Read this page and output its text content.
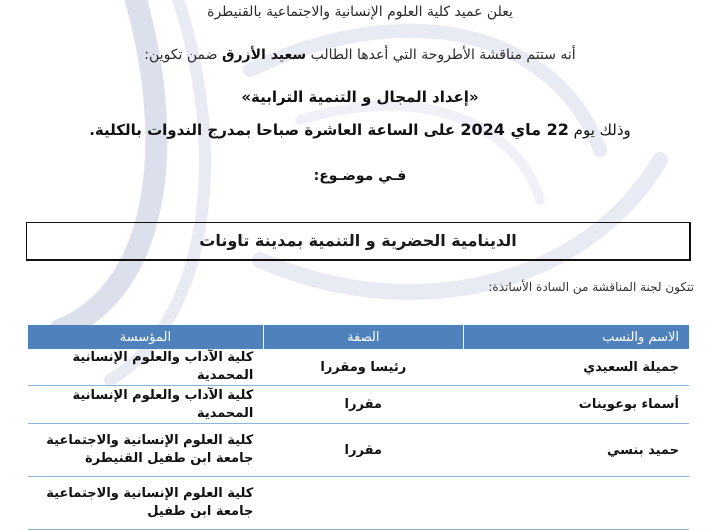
يعلن عميد كلية العلوم الإنسانية والاجتماعية بالقنيطرة
أنه ستتم مناقشة الأطروحة التي أعدها الطالب سعيد الأزرق ضمن تكوين:
«إعداد المجال و التنمية الترابية»
وذلك يوم 22 ماي 2024 على الساعة العاشرة صباحا بمدرج الندوات بالكلية.
فـي موضـوع:
الدينامية الحضرية و التنمية بمدينة تاونات
تتكون لجنة المناقشة من السادة الأساتذة:
الاسم والنسب	الصفة	المؤسسة
جميلة السعيدي	رئيسا ومقررا	كلية الآداب والعلوم الإنسانية المحمدية

أسماء بوعوينات	مقررا	كلية الآداب والعلوم الإنسانية المحمدية

حميد بنسي	مقررا	كلية العلوم الإنسانية والاجتماعية جامعة ابن طفيل القنيطرة

		كلية العلوم الإنسانية والاجتماعية جامعة ابن طفيل
